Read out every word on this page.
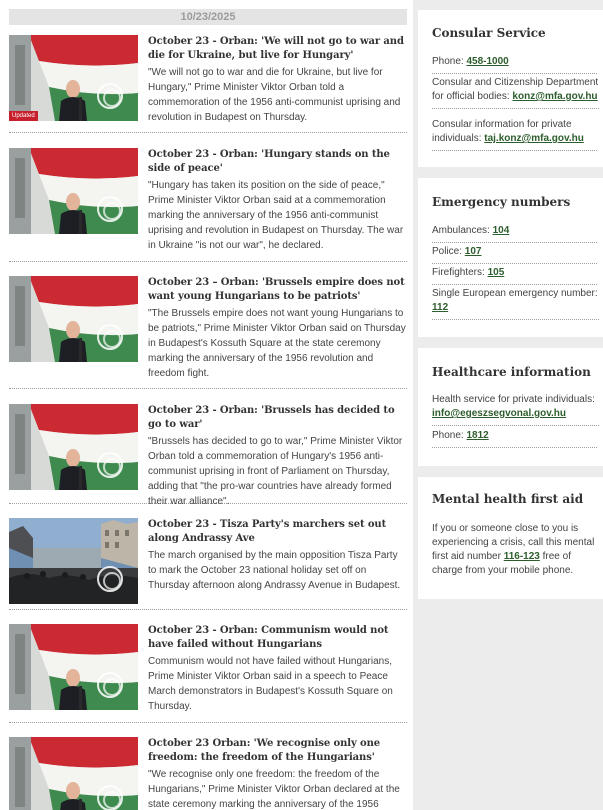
10/23/2025
Updated
October 23 - Orban: 'We will not go to war and die for Ukraine, but live for Hungary'
"We will not go to war and die for Ukraine, but live for Hungary," Prime Minister Viktor Orban told a commemoration of the 1956 anti-communist uprising and revolution in Budapest on Thursday.
October 23 - Orban: 'Hungary stands on the side of peace'
"Hungary has taken its position on the side of peace," Prime Minister Viktor Orban said at a commemoration marking the anniversary of the 1956 anti-communist uprising and revolution in Budapest on Thursday. The war in Ukraine "is not our war", he declared.
October 23 – Orban: 'Brussels empire does not want young Hungarians to be patriots'
"The Brussels empire does not want young Hungarians to be patriots," Prime Minister Viktor Orban said on Thursday in Budapest's Kossuth Square at the state ceremony marking the anniversary of the 1956 revolution and freedom fight.
October 23 - Orban: 'Brussels has decided to go to war'
"Brussels has decided to go to war," Prime Minister Viktor Orban told a commemoration of Hungary's 1956 anti-communist uprising in front of Parliament on Thursday, adding that "the pro-war countries have already formed their war alliance".
October 23 - Tisza Party's marchers set out along Andrassy Ave
The march organised by the main opposition Tisza Party to mark the October 23 national holiday set off on Thursday afternoon along Andrassy Avenue in Budapest.
October 23 - Orban: Communism would not have failed without Hungarians
Communism would not have failed without Hungarians, Prime Minister Viktor Orban said in a speech to Peace March demonstrators in Budapest's Kossuth Square on Thursday.
October 23 Orban: 'We recognise only one freedom: the freedom of the Hungarians'
"We recognise only one freedom: the freedom of the Hungarians," Prime Minister Viktor Orban declared at the state ceremony marking the anniversary of the 1956
Consular Service
Phone: 458-1000
Consular and Citizenship Department for official bodies: konz@mfa.gov.hu
Consular information for private individuals: taj.konz@mfa.gov.hu
Emergency numbers
Ambulances: 104
Police: 107
Firefighters: 105
Single European emergency number: 112
Healthcare information
Health service for private individuals: info@egeszsegvonal.gov.hu
Phone: 1812
Mental health first aid
If you or someone close to you is experiencing a crisis, call this mental first aid number 116-123 free of charge from your mobile phone.
